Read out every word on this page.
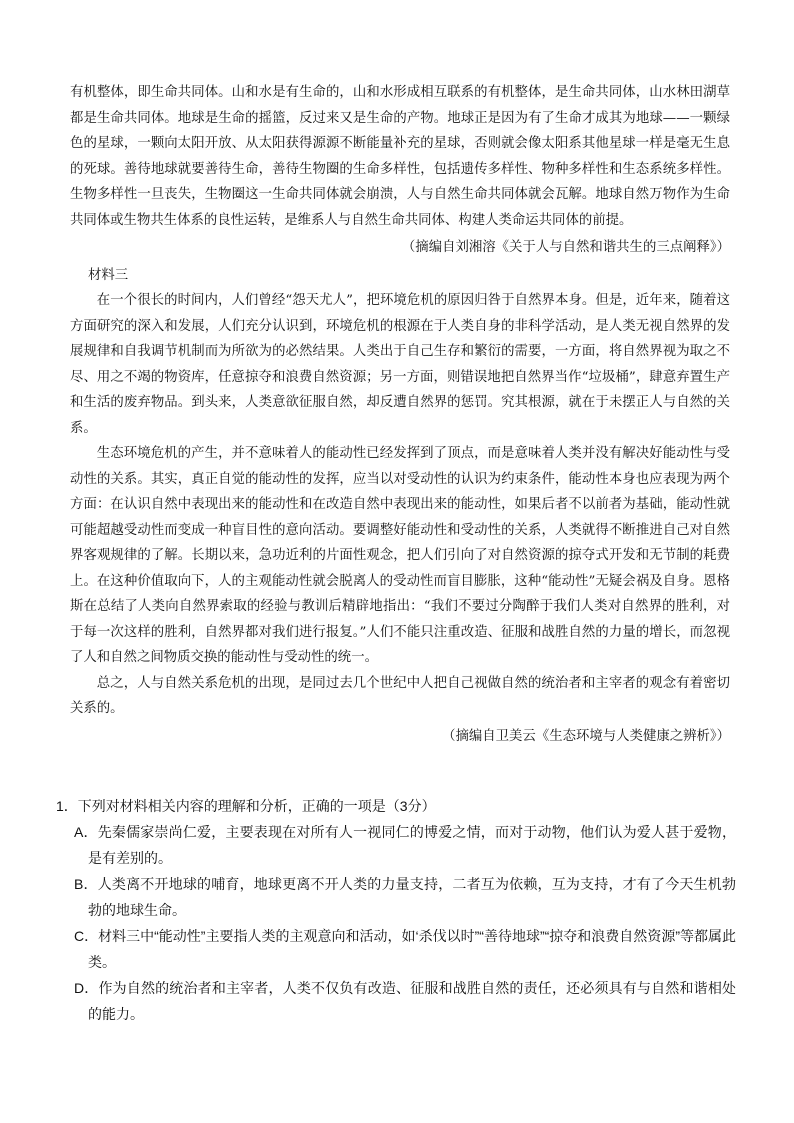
有机整体，即生命共同体。山和水是有生命的，山和水形成相互联系的有机整体，是生命共同体，山水林田湖草都是生命共同体。地球是生命的摇篮，反过来又是生命的产物。地球正是因为有了生命才成其为地球——一颗绿色的星球，一颗向太阳开放、从太阳获得源源不断能量补充的星球，否则就会像太阳系其他星球一样是毫无生息的死球。善待地球就要善待生命，善待生物圈的生命多样性，包括遗传多样性、物种多样性和生态系统多样性。生物多样性一旦丧失，生物圈这一生命共同体就会崩溃，人与自然生命共同体就会瓦解。地球自然万物作为生命共同体或生物共生体系的良性运转，是维系人与自然生命共同体、构建人类命运共同体的前提。

（摘编自刘湘溶《关于人与自然和谐共生的三点阐释》）

材料三

在一个很长的时间内，人们曾经“怨天尤人”，把环境危机的原因归咎于自然界本身。但是，近年来，随着这方面研究的深入和发展，人们充分认识到，环境危机的根源在于人类自身的非科学活动，是人类无视自然界的发展规律和自我调节机制而为所欲为的必然结果。人类出于自己生存和繁衍的需要，一方面，将自然界视为取之不尽、用之不竭的物资库，任意掠夺和浪费自然资源；另一方面，则错误地把自然界当作“垃圾桶”，肆意弃置生产和生活的废弃物品。到头来，人类意欲征服自然，却反遭自然界的惩罚。究其根源，就在于未摆正人与自然的关系。

生态环境危机的产生，并不意味着人的能动性已经发挥到了顶点，而是意味着人类并没有解决好能动性与受动性的关系。其实，真正自觉的能动性的发挥，应当以对受动性的认识为约束条件，能动性本身也应表现为两个方面：在认识自然中表现出来的能动性和在改造自然中表现出来的能动性，如果后者不以前者为基础，能动性就可能超越受动性而变成一种盲目性的意向活动。要调整好能动性和受动性的关系，人类就得不断推进自己对自然界客观规律的了解。长期以来，急功近利的片面性观念，把人们引向了对自然资源的掠夺式开发和无节制的耗费上。在这种价值取向下，人的主观能动性就会脱离人的受动性而盲目膨胀，这种“能动性”无疑会祸及自身。恩格斯在总结了人类向自然界索取的经验与教训后精辟地指出：“我们不要过分陶醉于我们人类对自然界的胜利，对于每一次这样的胜利，自然界都对我们进行报复。”人们不能只注重改造、征服和战胜自然的力量的增长，而忽视了人和自然之间物质交换的能动性与受动性的统一。

总之，人与自然关系危机的出现，是同过去几个世纪中人把自己视做自然的统治者和主宰者的观念有着密切关系的。

（摘编自卫美云《生态环境与人类健康之辨析》）

1．下列对材料相关内容的理解和分析，正确的一项是（3分）

A．先秦儒家崇尚仁爱，主要表现在对所有人一视同仁的博爱之情，而对于动物，他们认为爱人甚于爱物，是有差别的。

B．人类离不开地球的哺育，地球更离不开人类的力量支持，二者互为依赖，互为支持，才有了今天生机勃勃的地球生命。

C．材料三中“能动性”主要指人类的主观意向和活动，如‘杀伐以时”“善待地球”“掠夺和浪费自然资源”等都属此类。

D．作为自然的统治者和主宰者，人类不仅负有改造、征服和战胜自然的责任，还必须具有与自然和谐相处的能力。
